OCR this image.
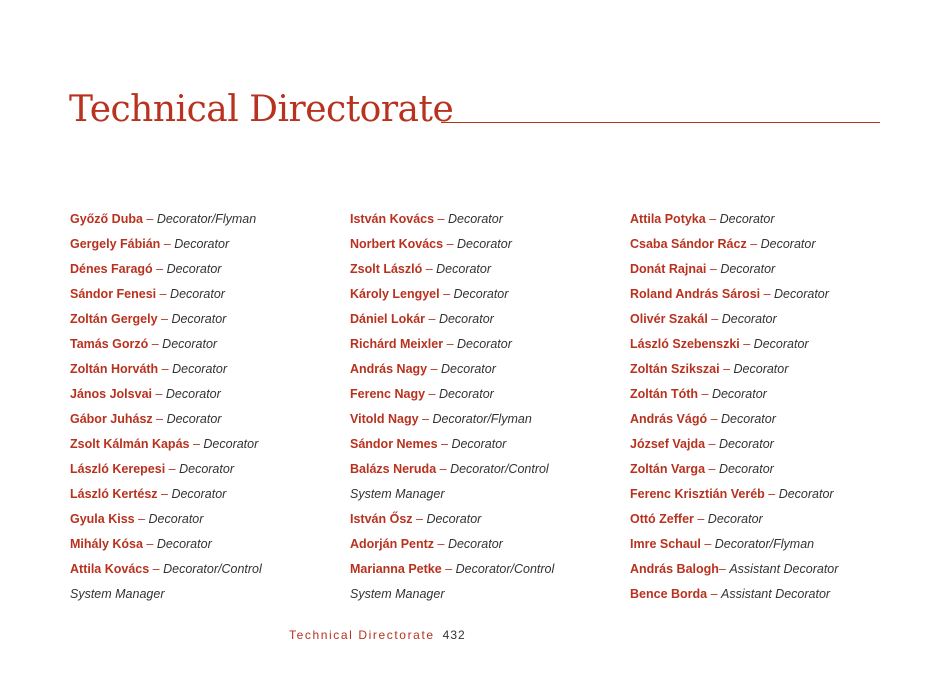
Technical Directorate
Győző Duba – Decorator/Flyman
Gergely Fábián – Decorator
Dénes Faragó – Decorator
Sándor Fenesi – Decorator
Zoltán Gergely – Decorator
Tamás Gorzó – Decorator
Zoltán Horváth – Decorator
János Jolsvai – Decorator
Gábor Juhász – Decorator
Zsolt Kálmán Kapás – Decorator
László Kerepesi – Decorator
László Kertész – Decorator
Gyula Kiss – Decorator
Mihály Kósa – Decorator
Attila Kovács – Decorator/Control
System Manager
István Kovács – Decorator
Norbert Kovács – Decorator
Zsolt László – Decorator
Károly Lengyel – Decorator
Dániel Lokár – Decorator
Richárd Meixler – Decorator
András Nagy – Decorator
Ferenc Nagy – Decorator
Vitold Nagy – Decorator/Flyman
Sándor Nemes – Decorator
Balázs Neruda – Decorator/Control
System Manager
István Ősz – Decorator
Adorján Pentz – Decorator
Marianna Petke – Decorator/Control
System Manager
Attila Potyka – Decorator
Csaba Sándor Rácz – Decorator
Donát Rajnai – Decorator
Roland András Sárosi – Decorator
Olivér Szakál – Decorator
László Szebenszki – Decorator
Zoltán Szikszai – Decorator
Zoltán Tóth – Decorator
András Vágó – Decorator
József Vajda – Decorator
Zoltán Varga – Decorator
Ferenc Krisztián Veréb – Decorator
Ottó Zeffer – Decorator
Imre Schaul – Decorator/Flyman
András Balogh– Assistant Decorator
Bence Borda – Assistant Decorator
Technical Directorate 432
